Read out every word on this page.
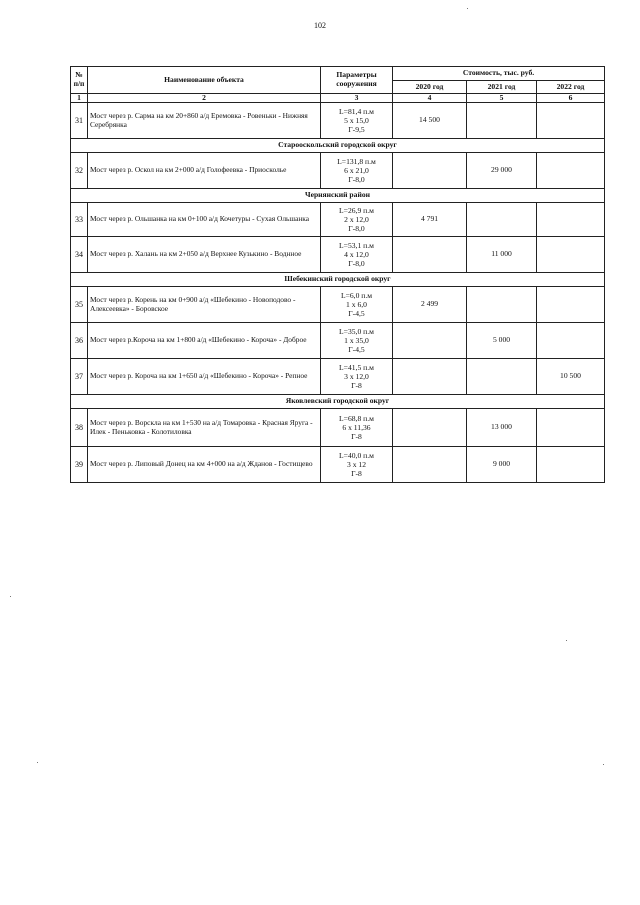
102
№ п/п	Наименование объекта	Параметры сооружения	Стоимость, тыс. руб.		
			2020 год	2021 год	2022 год
1	2	3	4	5	6
31	Мост через р. Сарма на км 20+860 а/д Еремовка - Ровеньки - Нижняя Серебрянка	L=81,4 п.м
5 x 15,0
Г-9,5	14 500		
Старооскольский городской округ					
32	Мост через р. Оскол на км 2+000 а/д Голофеевка - Приосколье	L=131,8 п.м
6 x 21,0
Г-8,0		29 000	
Чернянский район					
33	Мост через р. Ольшанка на км 0+100 а/д Кочетуры - Сухая Ольшанка	L=26,9 п.м
2 x 12,0
Г-8,0	4 791		
34	Мост через р. Халань на км 2+050 а/д Верхнее Кузькино - Воднное	L=53,1 п.м
4 x 12,0
Г-8,0		11 000	
Шебекинский городской округ					
35	Мост через р. Корень на км 0+900 а/д «Шебекино - Новоподово - Алексеевка» - Боровское	L=6,0 п.м
1 x 6,0
Г-4,5	2 499		
36	Мост через р.Короча на км 1+800 а/д «Шебекино - Короча» - Доброе	L=35,0 п.м
1 x 35,0
Г-4,5		5 000	
37	Мост через р. Короча на км 1+650 а/д «Шебекино - Короча» - Репное	L=41,5 п.м
3 x 12,0
Г-8			10 500
Яковлевский городской округ					
38	Мост через р. Ворскла на км 1+530 на а/д Томаровка - Красная Яруга - Илек - Пеньковка - Колотиловка	L=68,8 п.м
6 x 11,36
Г-8		13 000	
39	Мост через р. Липовый Донец на км 4+000 на а/д Жданов - Гостищево	L=40,0 п.м
3 x 12
Г-8		9 000	
